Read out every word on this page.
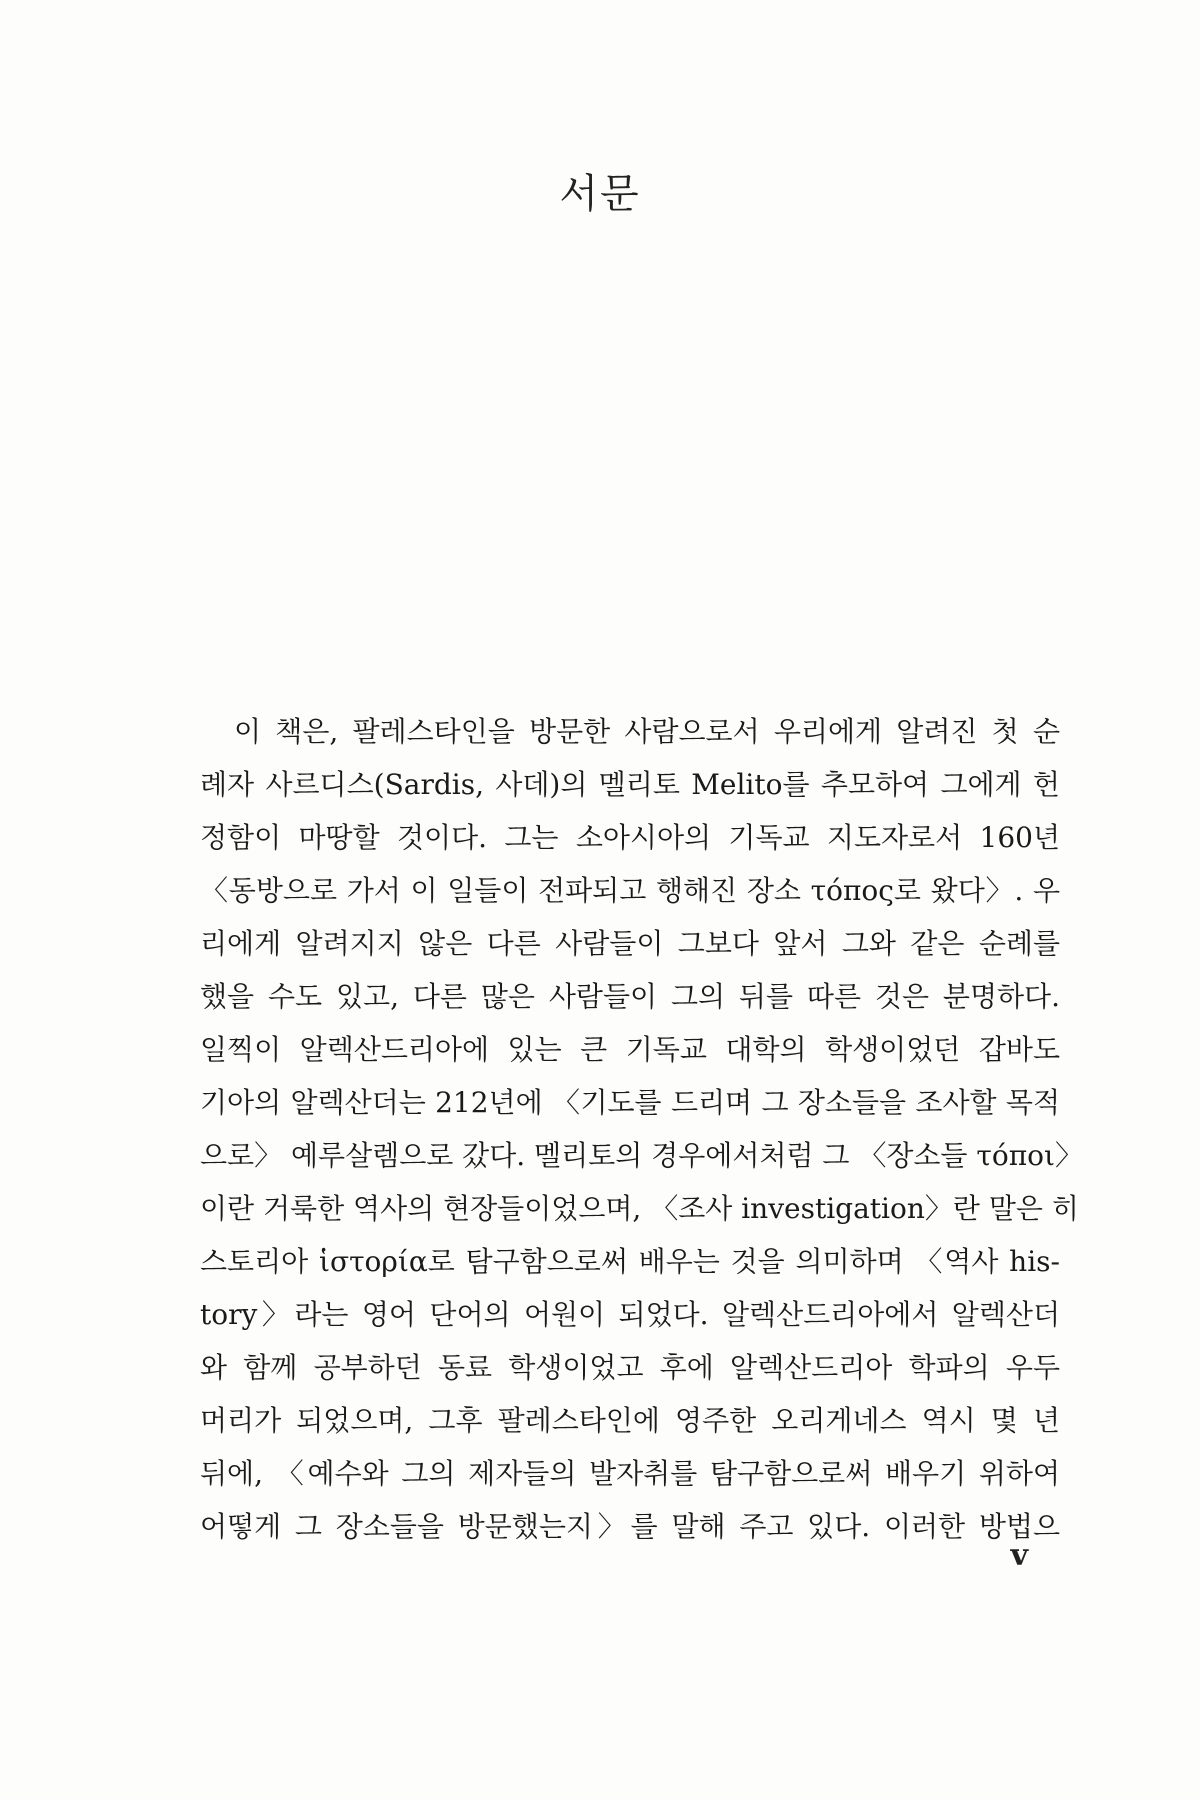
서문
이 책은, 팔레스타인을 방문한 사람으로서 우리에게 알려진 첫 순
례자 사르디스(Sardis, 사데)의 멜리토 Melito를 추모하여 그에게 헌
정함이 마땅할 것이다. 그는 소아시아의 기독교 지도자로서 160년
〈동방으로 가서 이 일들이 전파되고 행해진 장소 τόπος로 왔다〉. 우
리에게 알려지지 않은 다른 사람들이 그보다 앞서 그와 같은 순례를
했을 수도 있고, 다른 많은 사람들이 그의 뒤를 따른 것은 분명하다.
일찍이 알렉산드리아에 있는 큰 기독교 대학의 학생이었던 갑바도
기아의 알렉산더는 212년에 〈기도를 드리며 그 장소들을 조사할 목적
으로〉 예루살렘으로 갔다. 멜리토의 경우에서처럼 그 〈장소들 τόποι〉
이란 거룩한 역사의 현장들이었으며, 〈조사 investigation〉란 말은 히
스토리아 ἱστορία로 탐구함으로써 배우는 것을 의미하며 〈역사 his-
tory〉라는 영어 단어의 어원이 되었다. 알렉산드리아에서 알렉산더
와 함께 공부하던 동료 학생이었고 후에 알렉산드리아 학파의 우두
머리가 되었으며, 그후 팔레스타인에 영주한 오리게네스 역시 몇 년
뒤에, 〈예수와 그의 제자들의 발자취를 탐구함으로써 배우기 위하여
어떻게 그 장소들을 방문했는지〉를 말해 주고 있다. 이러한 방법으
v
